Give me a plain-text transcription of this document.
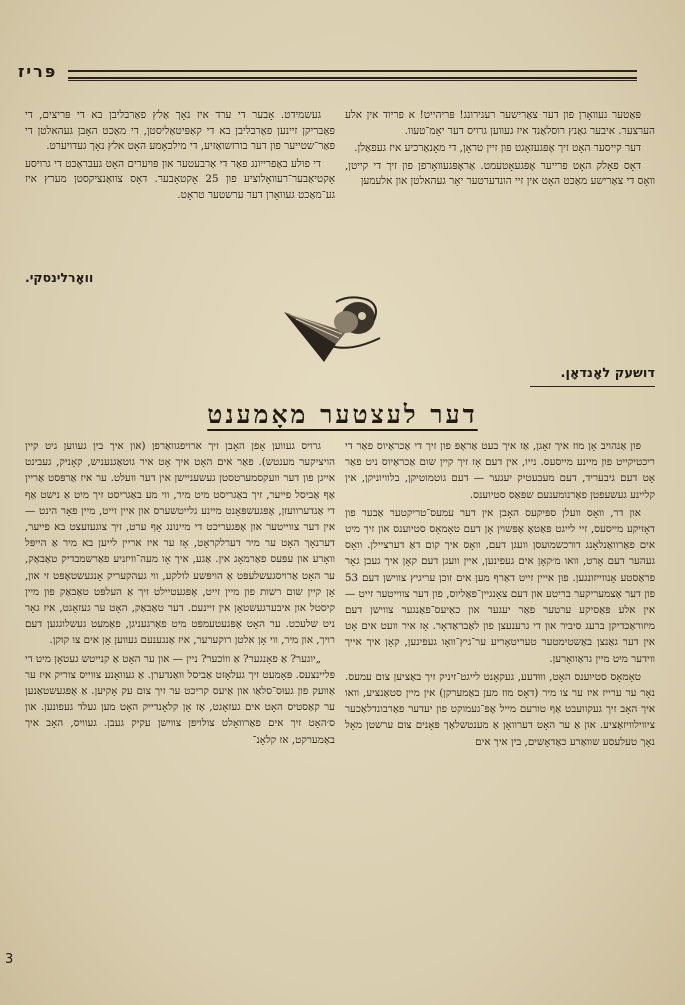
פּריז

פּאַטער געוואָרן פון דער צאַרישער רעגירונג! פּריהייט! א פריוד אין אלע הערצער. איבער גאַנץ רוסלאַנד איז געווען גרויס דער יאָמ־טעוו.

דער קייסער האָט זיך אָפּגעזאָגט פון זיין טראָן, די מאָנאַרכיע איז געפאַלן.

דאָס פאָלק האָט פרייער אָפּגעאָטעמט. אַראָפּגעוואָרפן פון זיך די קייטן, וואָס די צאַרישע מאַכט האָט אין זיי הונדערטער יאָר געהאלטן און אלעמען

געשמידט. אָבער די ערד איז נאָך אַלץ פאַרבליבן בא די פּריצים, די פאַבריקן זיינען פאַרבליבן בא די קאַפּיטאַליסטן, די מאַכט האָבן געהאלטן די פאַר־שטייער פון דער בורזשואַזיע, די מילכאָמע האָט אלץ נאָך געדויערט.

די פולע באַפרייונג פאַר די אַרבעטער און פּויערים האָט געבראַכט די גרויסע אָקטיאַבער־רעוואָלוציע פון 25 אָקטאָבער. דאָס צוואַנציקסטן מערץ איז גע־מאַכט געוואָרן דער ערשטער טראָט.

וואָרלינסקי.
דושעק לאָנדאָן.
דער לעצטער מאָמענט

פון אַנהויב אָן מוז איך זאָגן, אַז איך בעט אַראָפּ פון זיך די אַכראַיוס פאַר די ריכטיקייט פון מיינע מייסעס. נייו, אין דעם אָז זיך קיין שום אַכראַיוס ניט פאַר אָט דעם גיבעריד, דעם מעבעטיק יעגער — דעם גוטמוטיקן, בלוויוניקן, אין קליינע געשעפטן פאַרנומענעם שפּאַס סטיוענס.

און דר, וואָס וועלן ספּיקעס האָבן אין דער עמעס־טריקטער אַבער פון דאָזיקע מייסעס, זיי לייגט פּאַטאָ אָפּשוין אָן דעם טאָמאָס סטיוענס און זיך מיט אים פאַרוואַנלאָנג דורכשמועסן וועגן דעם, וואָס איך קום דאַ דערציילן. וואָס געהער דעם אָרט, וואו מ׳קאָן אים געפינען, איין וועגן דעם קאָן איך געבן גאָר פראַסטע אָנווייזונגען. פון אייין זייט דאַרף מען אים זוכן עריגיץ צווישן דעם 53 פון דער אַצמעריקער בריטע און דעם צאָנגיין־פּאַליוס, פון דער צווייטער זייט — אין אלע פּאַסיקע ערטער פאַר יעגער און כאַיעס־פאַנגער צווישן דעם מיזוראַכדיקן ברעג סיביר און די גרענעצן פון לאַבראַדאָר. אָז איר וועט אים אָט אין דער גאַנצן באַשטימטער טעריטאָריע ער־גיץ־וואָו געפינען, קאָן איך אייך ווידער מיט מיין גראַוואָרען.

טאָמאָס סטיוענס האָט, וווּדעע, געקאָנט לייגט־זיניק זיך באַציען צום עמעס. נאָר ער ערייז איז ער צו מיר (דאָס מוז מען באַמערקן) אין מיין סטאַנציע, וואו איך האָב זיך געקוועבט אַף טורעם מייל אָפּ־געמוקט פון יעדער פאַרבונדלאַכער ציווילוויזאַציע. און אַ ער האָט דערוואָן אַ מענטשלאַך פּאָנים צום ערשטן מאָל נאָך טעלעסע שוואַרע כאַדאָשים, בין איך אים

גרויס געווען אָפן האָבן זיך ארויפגוואַרפן (און איך בין געווען גיט קיין הויציקער מענטש). פאַר אים האָט איך אָט איר גוטאַגנעניש, קאָניק, געבינט אייגן פון דער וועקסמערטסטן געשעניישן אין דער וועלט. ער איז אַרפּסט אַריין אַף אַביסל פייער, זיך באַגריסט מיט מיר, ווי מע באַגריסט זיך מיט אַ נישט אַף די אַנדערוועזן, אָפּגעשפּאָנט מיינע גלייטשערס און איין זייט, מיין פאָר הינט — אין דער צווייטער און אָפּגעריכט די מיינונג אָף ערט, זיך צוגעזעצט בא פייער, דערנאָך האָט ער מיר דערלקראָט, אָז ער איז אריין לייען בא מיר אַ הייפּל וואָרע און עפּעס פאַרמאָג אין. אַגע, איך אָו מעה־וויזניע פאַרשמבדיק טאַבאַק, ער האָט אַרויסגעשלעפּט אַ הויפּשע לולקע, ווי געהקעריק אָנגעשטאָפּט זי און, אָן קיין שום רשות פון מיין זייט, אָפּגעטיילט זיך אַ העלפּט טאַבאַק פון מיין קיסטל און איבערגעשטאָן אין זיינעם. דער טאַבאַק, האָט ער געזאָגט, איז גאָר ניט שלעכט. ער האָט אָפּגעטעמפּט מיט פאַרגעניגן, פאַמעט געשלוגגען דעם רויך, און מיר, ווי אָן אלטן רוקערער, איז אַנגענעם געווען אָן אים צו קוקן.

„יוגער? אַ פאָנגער? אַ וווֹכער? ניין — און ער האָט אַ קנייטש געטאָן מיט די פּליינצעס. פּאָמעט זיך געלאָזט אַביסל וואַנדערן. אַ געוואָנע צווייס צוריק איז ער אַוועק פון געוּס־סלאַו און אַיעס קריכט ער זיך צום עק אָקיען. אַ אָפּגעשטאַנען ער קאַסטיס האָט אים געזאָגט, אַז אָן קלאָנדייק האָט מען געלד געפונען. און ס׳האָט זיך אים פאַרוואָלט צולויפן צווישן עקיק געבן. געוויס, האָב איך באַמערקט, אז קלאָנ־

3
